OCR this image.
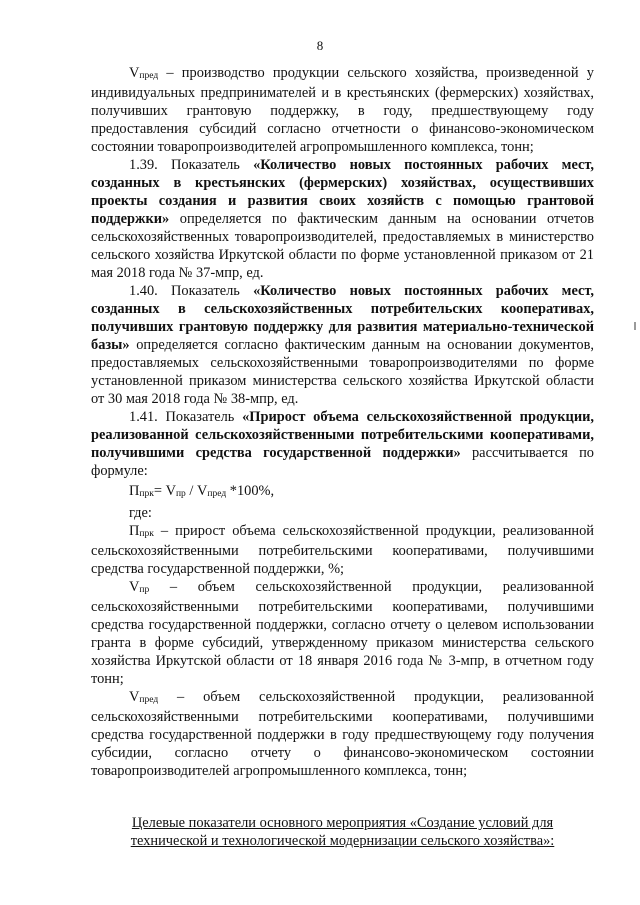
8

Vпред – производство продукции сельского хозяйства, произведенной у индивидуальных предпринимателей и в крестьянских (фермерских) хозяйствах, получивших грантовую поддержку, в году, предшествующему году предоставления субсидий согласно отчетности о финансово-экономическом состоянии товаропроизводителей агропромышленного комплекса, тонн;

1.39. Показатель «Количество новых постоянных рабочих мест, созданных в крестьянских (фермерских) хозяйствах, осуществивших проекты создания и развития своих хозяйств с помощью грантовой поддержки» определяется по фактическим данным на основании отчетов сельскохозяйственных товаропроизводителей, предоставляемых в министерство сельского хозяйства Иркутской области по форме установленной приказом от 21 мая 2018 года № 37-мпр, ед.

1.40. Показатель «Количество новых постоянных рабочих мест, созданных в сельскохозяйственных потребительских кооперативах, получивших грантовую поддержку для развития материально-технической базы» определяется согласно фактическим данным на основании документов, предоставляемых сельскохозяйственными товаропроизводителями по форме установленной приказом министерства сельского хозяйства Иркутской области от 30 мая 2018 года № 38-мпр, ед.

1.41. Показатель «Прирост объема сельскохозяйственной продукции, реализованной сельскохозяйственными потребительскими кооперативами, получившими средства государственной поддержки» рассчитывается по формуле:

Ппрк= Vпр / Vпред *100%,

где:

Ппрк – прирост объема сельскохозяйственной продукции, реализованной сельскохозяйственными потребительскими кооперативами, получившими средства государственной поддержки, %;

Vпр – объем сельскохозяйственной продукции, реализованной сельскохозяйственными потребительскими кооперативами, получившими средства государственной поддержки, согласно отчету о целевом использовании гранта в форме субсидий, утвержденному приказом министерства сельского хозяйства Иркутской области от 18 января 2016 года № 3-мпр, в отчетном году тонн;

Vпред – объем сельскохозяйственной продукции, реализованной сельскохозяйственными потребительскими кооперативами, получившими средства государственной поддержки в году предшествующему году получения субсидии, согласно отчету о финансово-экономическом состоянии товаропроизводителей агропромышленного комплекса, тонн;

Целевые показатели основного мероприятия «Создание условий для
технической и технологической модернизации сельского хозяйства»:
